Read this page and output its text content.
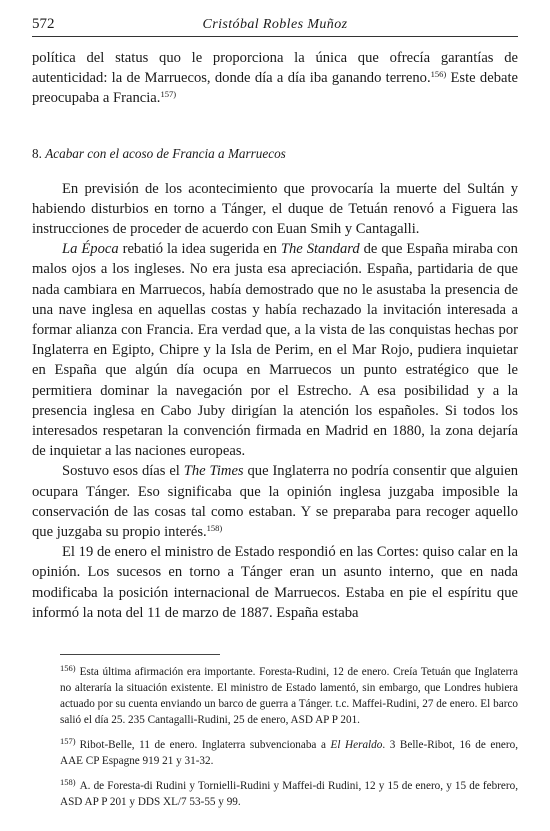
572	Cristóbal Robles Muñoz

política del status quo le proporciona la única que ofrecía garantías de autenticidad: la de Marruecos, donde día a día iba ganando terreno.$^{156)}$ Este debate preocupaba a Francia.$^{157)}$

8. Acabar con el acoso de Francia a Marruecos

En previsión de los acontecimiento que provocaría la muerte del Sultán y habiendo disturbios en torno a Tánger, el duque de Tetuán renovó a Figuera las instrucciones de proceder de acuerdo con Euan Smih y Cantagalli.

La Época rebatió la idea sugerida en The Standard de que España miraba con malos ojos a los ingleses. No era justa esa apreciación. España, partidaria de que nada cambiara en Marruecos, había demostrado que no le asustaba la presencia de una nave inglesa en aquellas costas y había rechazado la invitación interesada a formar alianza con Francia. Era verdad que, a la vista de las conquistas hechas por Inglaterra en Egipto, Chipre y la Isla de Perim, en el Mar Rojo, pudiera inquietar en España que algún día ocupa en Marruecos un punto estratégico que le permitiera dominar la navegación por el Estrecho. A esa posibilidad y a la presencia inglesa en Cabo Juby dirigían la atención los españoles. Si todos los interesados respetaran la convención firmada en Madrid en 1880, la zona dejaría de inquietar a las naciones europeas.

Sostuvo esos días el The Times que Inglaterra no podría consentir que alguien ocupara Tánger. Eso significaba que la opinión inglesa juzgaba imposible la conservación de las cosas tal como estaban. Y se preparaba para recoger aquello que juzgaba su propio interés.$^{158)}$

El 19 de enero el ministro de Estado respondió en las Cortes: quiso calar en la opinión. Los sucesos en torno a Tánger eran un asunto interno, que en nada modificaba la posición internacional de Marruecos. Estaba en pie el espíritu que informó la nota del 11 de marzo de 1887. España estaba

$^{156)}$ Esta última afirmación era importante. Foresta-Rudini, 12 de enero. Creía Tetuán que Inglaterra no alteraría la situación existente. El ministro de Estado lamentó, sin embargo, que Londres hubiera actuado por su cuenta enviando un barco de guerra a Tánger. t.c. Maffei-Rudini, 27 de enero. El barco salió el día 25. 235 Cantagalli-Rudini, 25 de enero, ASD AP P 201.

$^{157)}$ Ribot-Belle, 11 de enero. Inglaterra subvencionaba a El Heraldo. 3 Belle-Ribot, 16 de enero, AAE CP Espagne 919 21 y 31-32.

$^{158)}$ A. de Foresta-di Rudini y Tornielli-Rudini y Maffei-di Rudini, 12 y 15 de enero, y 15 de febrero, ASD AP P 201 y DDS XL/7 53-55 y 99.
